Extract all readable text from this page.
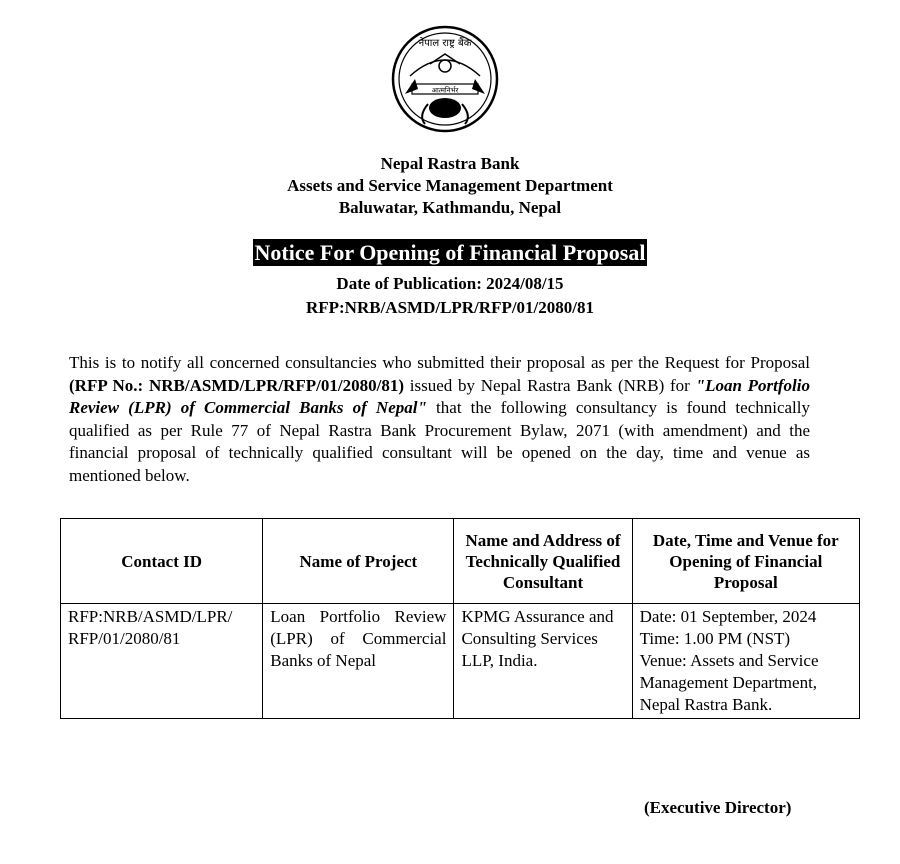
नेपाल राष्ट्र बैंक
आत्मनिर्भर
Nepal Rastra Bank
Assets and Service Management Department
Baluwatar, Kathmandu, Nepal
Notice For Opening of Financial Proposal
Date of Publication: 2024/08/15
RFP:NRB/ASMD/LPR/RFP/01/2080/81
This is to notify all concerned consultancies who submitted their proposal as per the Request for Proposal (RFP No.: NRB/ASMD/LPR/RFP/01/2080/81) issued by Nepal Rastra Bank (NRB) for "Loan Portfolio Review (LPR) of Commercial Banks of Nepal" that the following consultancy is found technically qualified as per Rule 77 of Nepal Rastra Bank Procurement Bylaw, 2071 (with amendment) and the financial proposal of technically qualified consultant will be opened on the day, time and venue as mentioned below.
Contact ID	Name of Project	Name and Address of Technically Qualified Consultant	Date, Time and Venue for Opening of Financial Proposal
RFP:NRB/ASMD/LPR/ RFP/01/2080/81	Loan Portfolio Review (LPR) of Commercial Banks of Nepal	KPMG Assurance and Consulting Services LLP, India.	Date: 01 September, 2024
Time: 1.00 PM (NST)
Venue: Assets and Service Management Department, Nepal Rastra Bank.
(Executive Director)
